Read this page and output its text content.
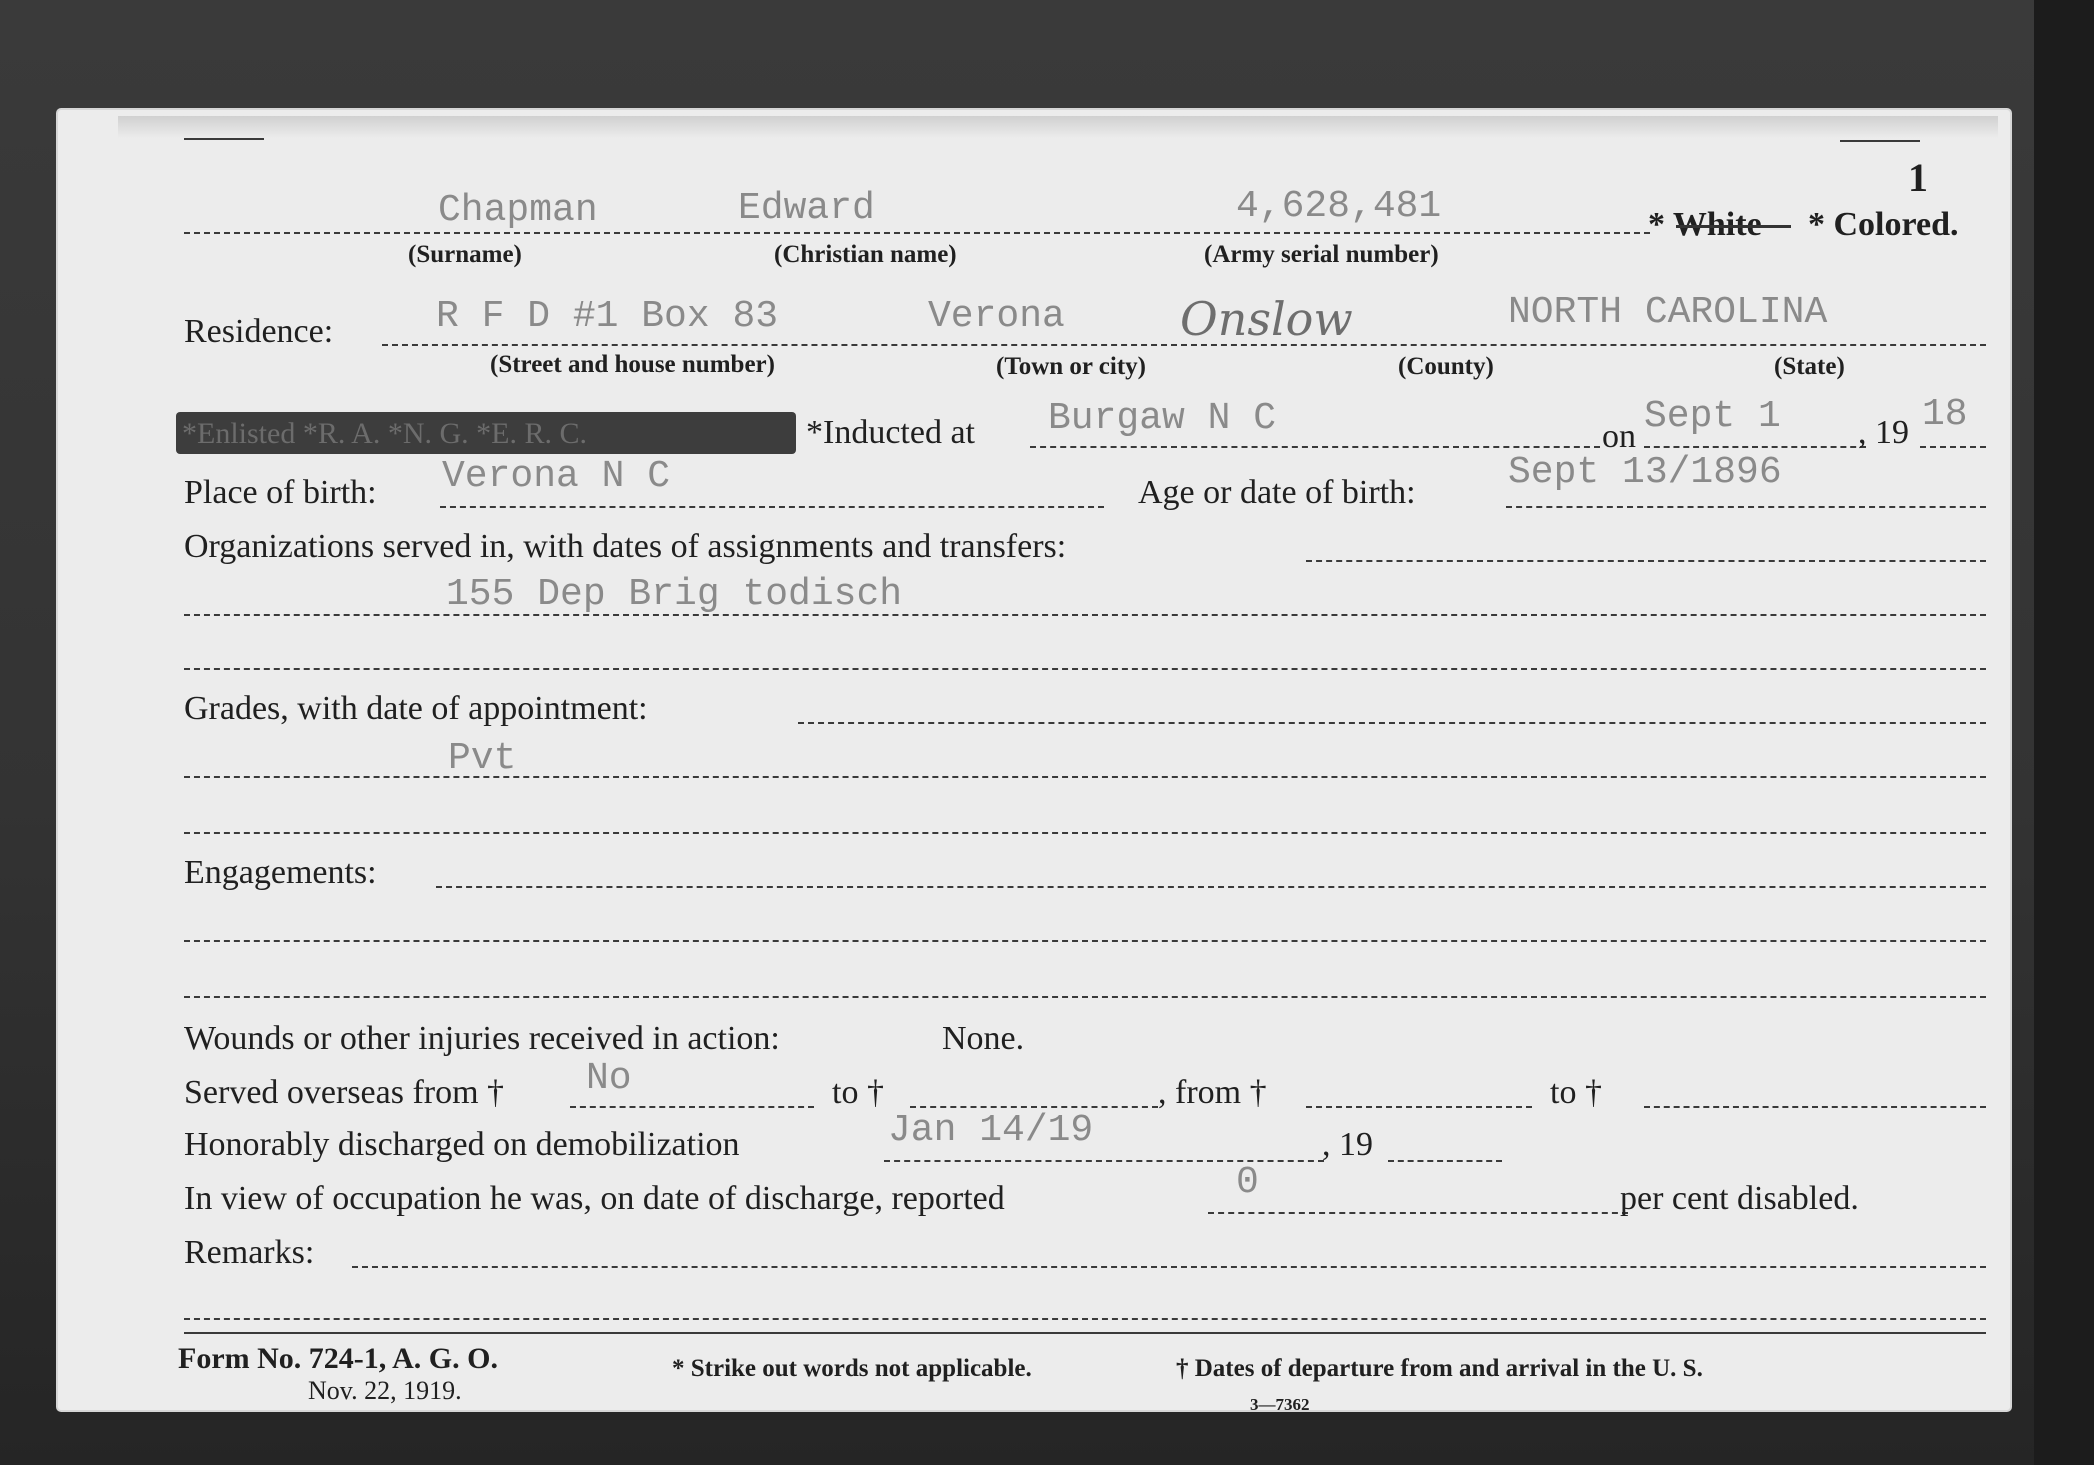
1
Chapman	Edward	4,628,481	* White * Colored.
(Surname)	(Christian name)	(Army serial number)
Residence:	R F D #1 Box 83	Verona	Onslow	NORTH CAROLINA
(Street and house number)	(Town or city)	(County)	(State)
*Enlisted *R. A. *N. G. *E. R. C.	*Inducted at Burgaw N C	on Sept 1 , 19 18
Place of birth: Verona N C	Age or date of birth: Sept 13/1896
Organizations served in, with dates of assignments and transfers:
155 Dep Brig todisch
Grades, with date of appointment:
Pvt
Engagements:
Wounds or other injuries received in action:	None.
Served overseas from † No	to †	, from †	to †
Honorably discharged on demobilization	Jan 14/19	, 19
In view of occupation he was, on date of discharge, reported	0	per cent disabled.
Remarks:
Form No. 724-1, A. G. O.
Nov. 22, 1919.
* Strike out words not applicable.	† Dates of departure from and arrival in the U. S.
3—7362
